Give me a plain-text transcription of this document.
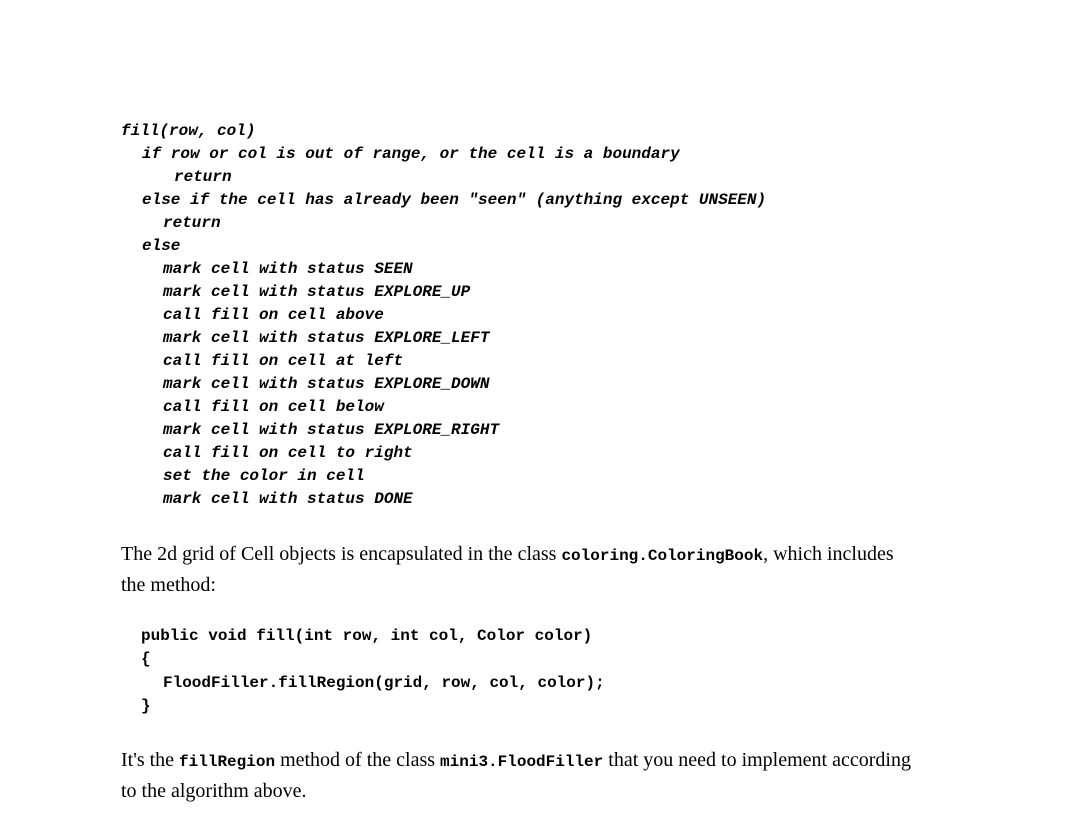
fill(row, col)

if row or col is out of range, or the cell is a boundary

return

else if the cell has already been "seen" (anything except UNSEEN)

return

else

mark cell with status SEEN

mark cell with status EXPLORE_UP

call fill on cell above

mark cell with status EXPLORE_LEFT

call fill on cell at left

mark cell with status EXPLORE_DOWN

call fill on cell below

mark cell with status EXPLORE_RIGHT

call fill on cell to right

set the color in cell

mark cell with status DONE

The 2d grid of Cell objects is encapsulated in the class coloring.ColoringBook, which includes the method:

public void fill(int row, int col, Color color)

{

FloodFiller.fillRegion(grid, row, col, color);

}

It's the fillRegion method of the class mini3.FloodFiller that you need to implement according to the algorithm above.
